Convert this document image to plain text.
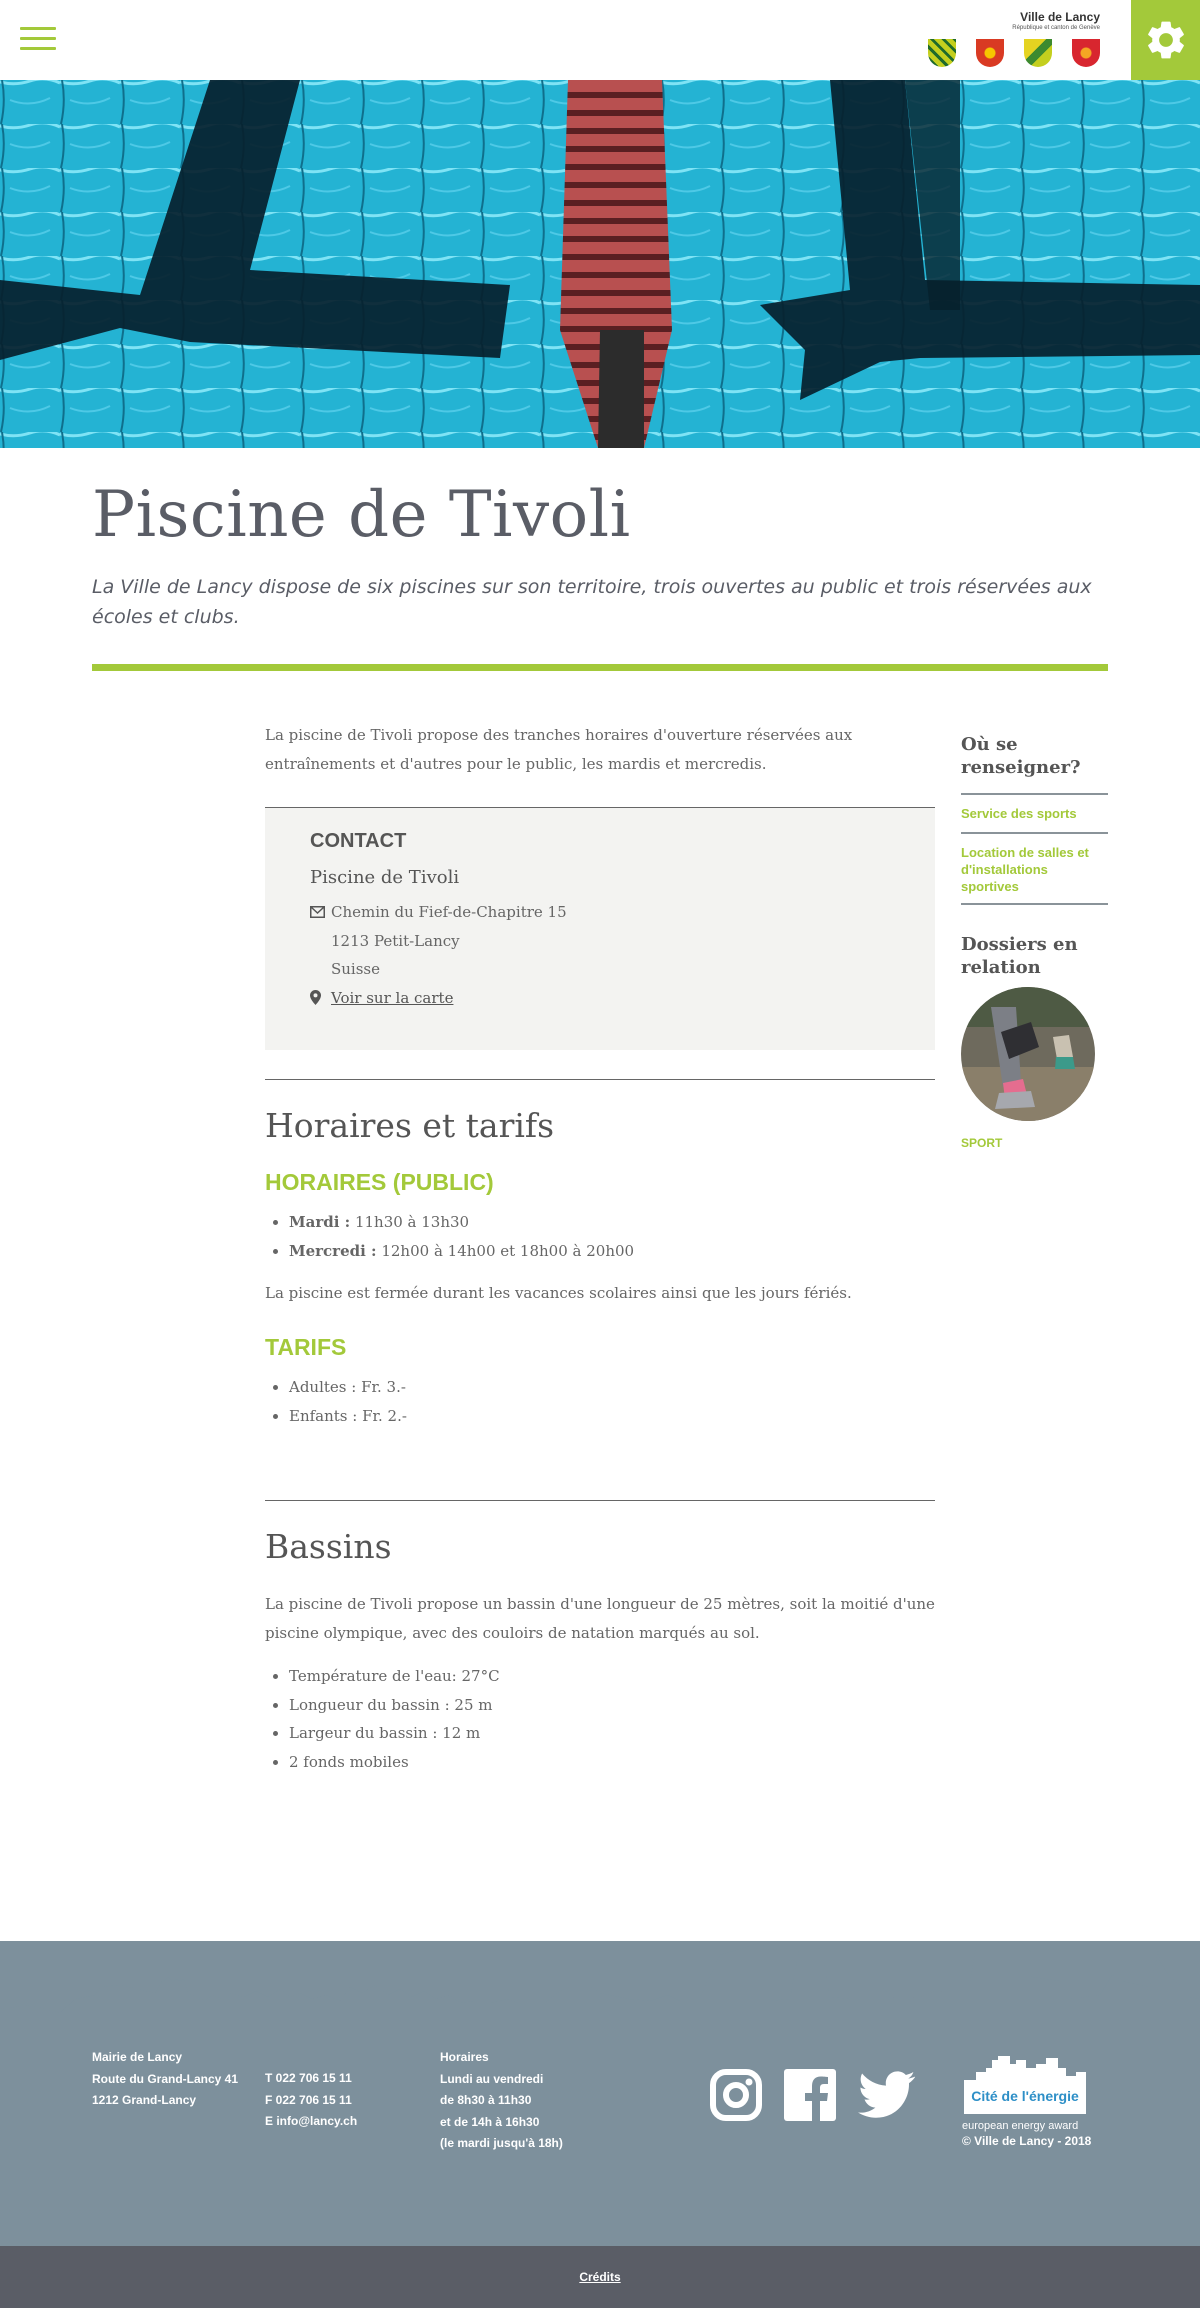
Ville de Lancy
République et canton de Genève
Piscine de Tivoli

La Ville de Lancy dispose de six piscines sur son territoire, trois ouvertes au public et trois réservées aux écoles et clubs.

La piscine de Tivoli propose des tranches horaires d'ouverture réservées aux entraînements et d'autres pour le public, les mardis et mercredis.

CONTACT
Piscine de Tivoli
Chemin du Fief-de-Chapitre 15
1213 Petit-Lancy
Suisse
Voir sur la carte
Horaires et tarifs
HORAIRES (PUBLIC)
• Mardi : 11h30 à 13h30
• Mercredi : 12h00 à 14h00 et 18h00 à 20h00

La piscine est fermée durant les vacances scolaires ainsi que les jours fériés.

TARIFS
• Adultes : Fr. 3.-
• Enfants : Fr. 2.-
Bassins

La piscine de Tivoli propose un bassin d'une longueur de 25 mètres, soit la moitié d'une piscine olympique, avec des couloirs de natation marqués au sol.

• Température de l'eau: 27°C
• Longueur du bassin : 25 m
• Largeur du bassin : 12 m
• 2 fonds mobiles
Où se renseigner?
Service des sports
Location de salles et d'installations sportives
Dossiers en relation
SPORT
Mairie de Lancy
Route du Grand-Lancy 41
1212 Grand-Lancy
T 022 706 15 11
F 022 706 15 11
E info@lancy.ch
Horaires
Lundi au vendredi
de 8h30 à 11h30
et de 14h à 16h30
(le mardi jusqu'à 18h)
Cité de l'énergie
european energy award
© Ville de Lancy - 2018
Crédits
